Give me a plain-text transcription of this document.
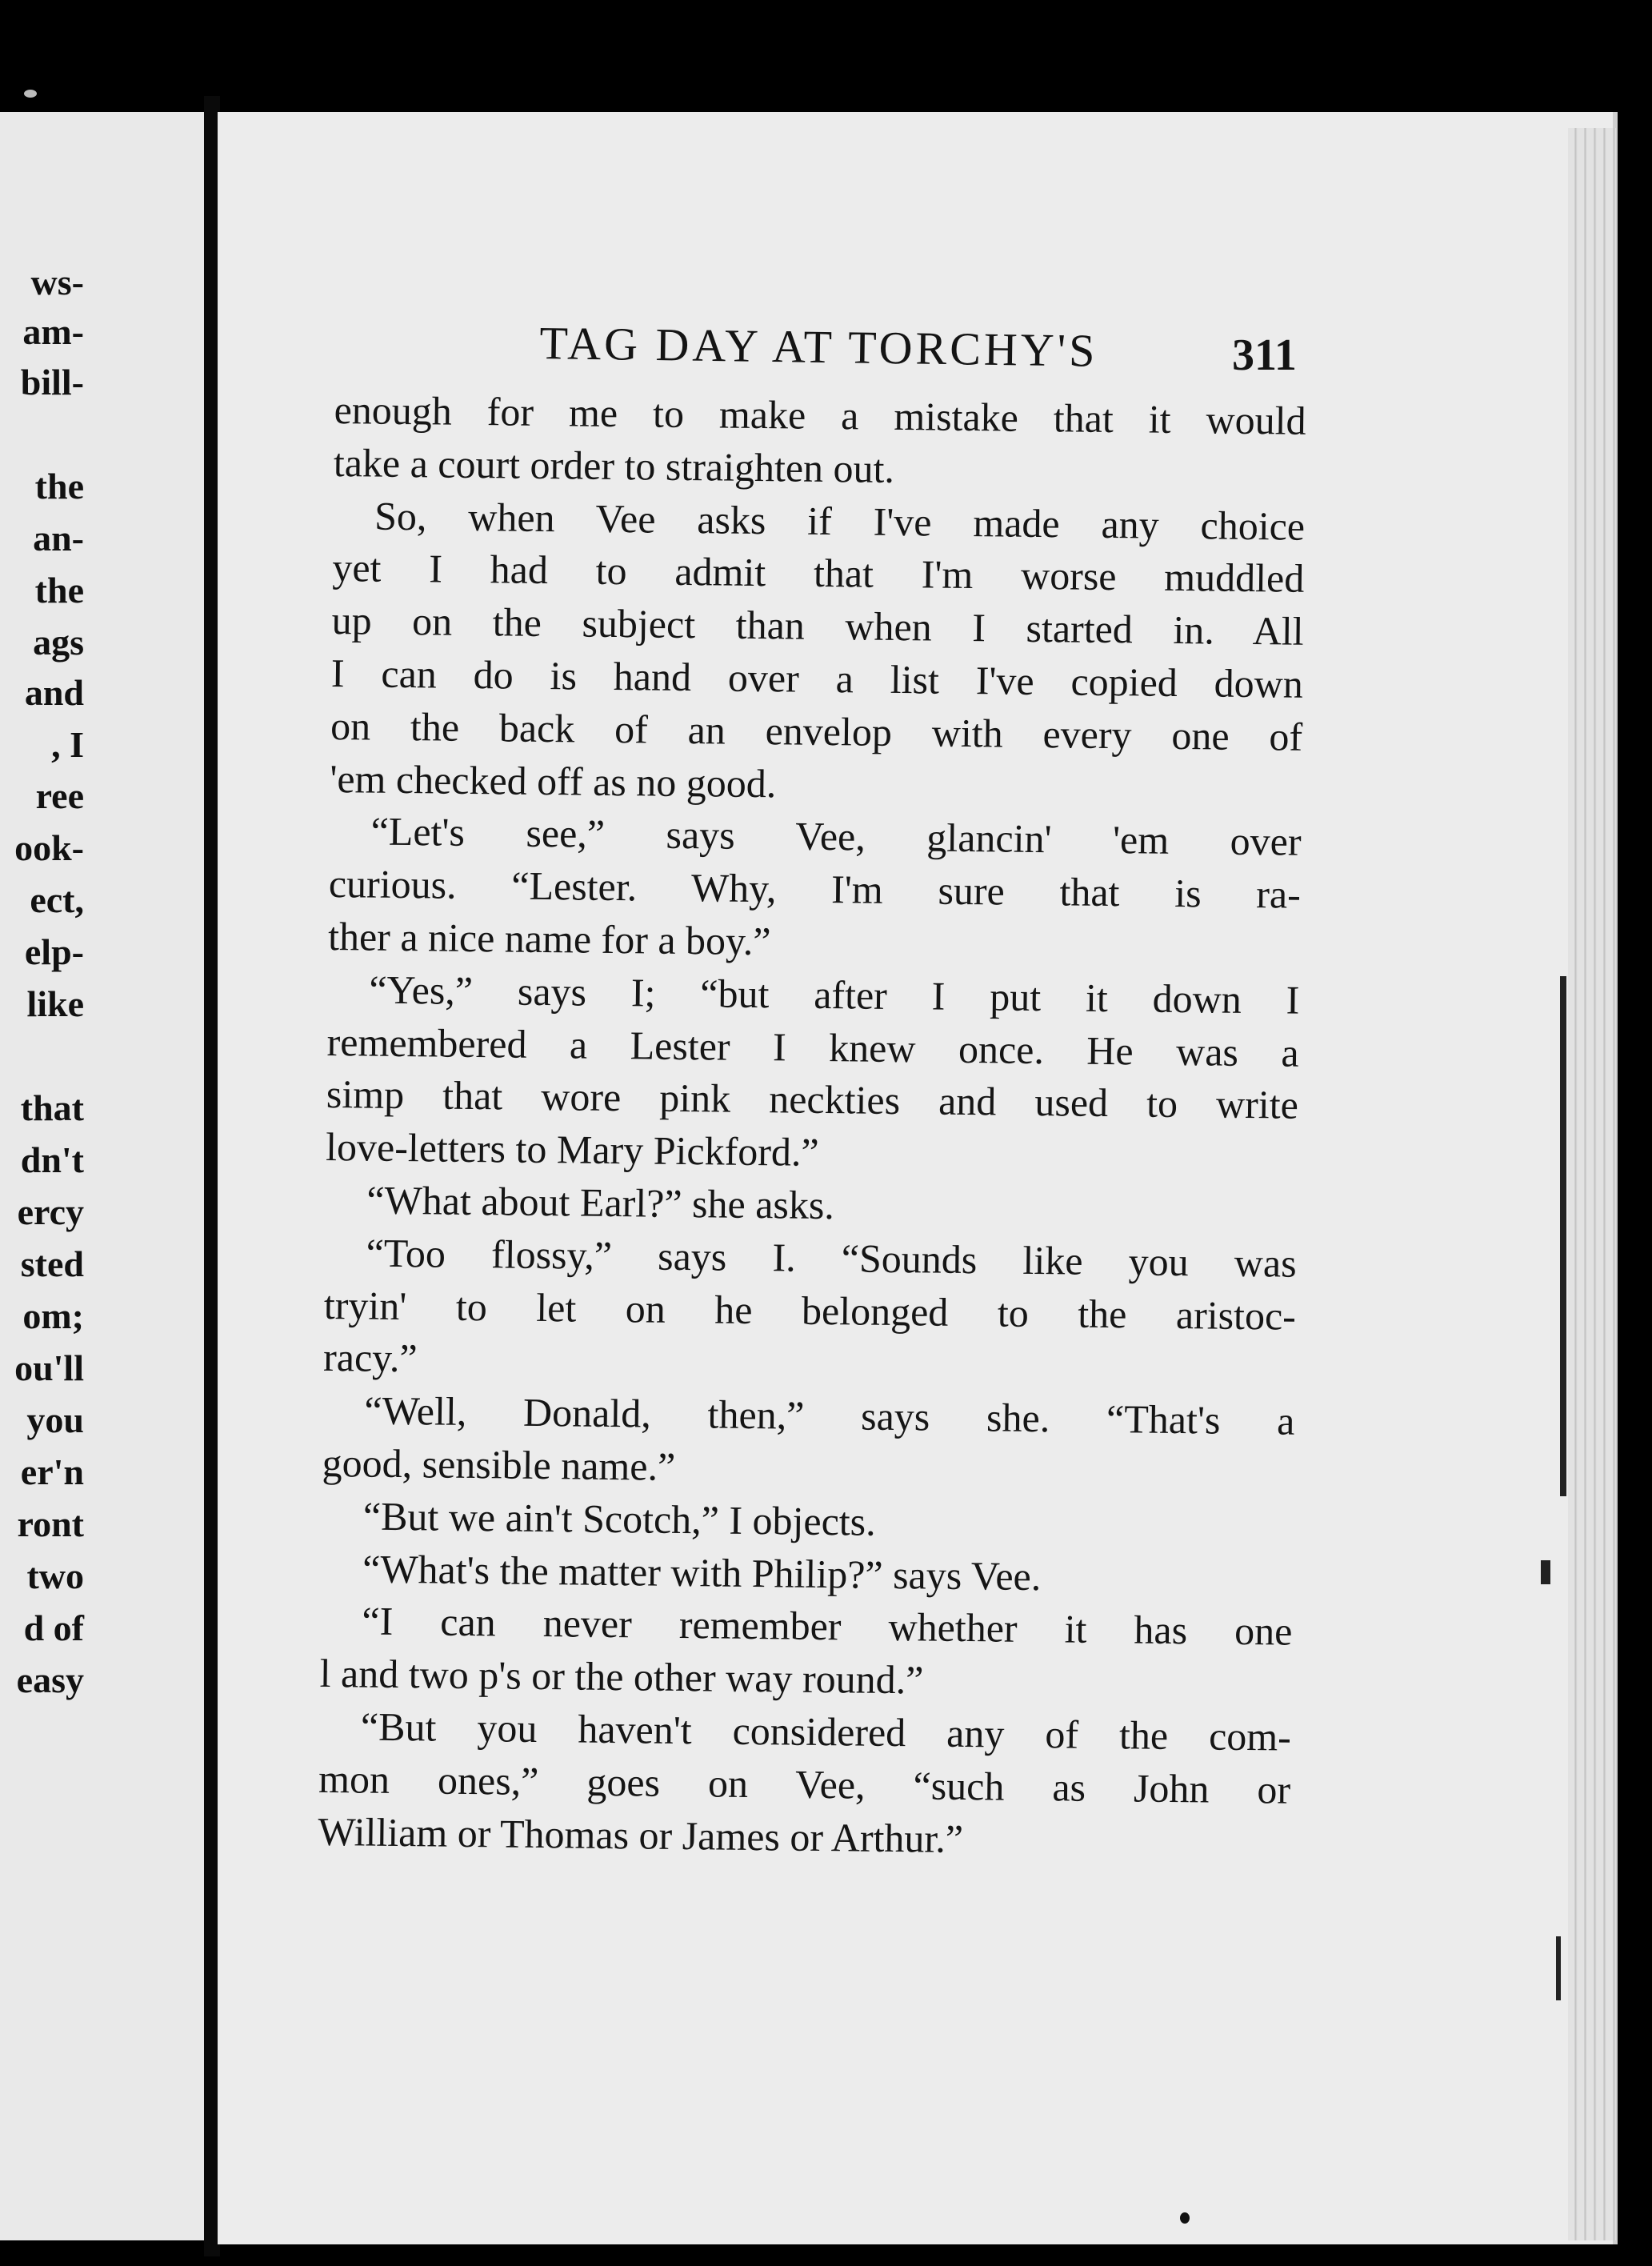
ws-
am-
bill-
the
an-
the
ags
and
, I
ree
ook-
ect,
elp-
like
that
dn't
ercy
sted
om;
ou'll
you
er'n
ront
two
d of
easy
TAG DAY AT TORCHY'S	311
enough for me to make a mistake that it would
take a court order to straighten out.
So, when Vee asks if I've made any choice
yet I had to admit that I'm worse muddled
up on the subject than when I started in. All
I can do is hand over a list I've copied down
on the back of an envelop with every one of
'em checked off as no good.
“Let's see,” says Vee, glancin' 'em over
curious. “Lester. Why, I'm sure that is ra-
ther a nice name for a boy.”
“Yes,” says I; “but after I put it down I
remembered a Lester I knew once. He was a
simp that wore pink neckties and used to write
love-letters to Mary Pickford.”
“What about Earl?” she asks.
“Too flossy,” says I. “Sounds like you was
tryin' to let on he belonged to the aristoc-
racy.”
“Well, Donald, then,” says she. “That's a
good, sensible name.”
“But we ain't Scotch,” I objects.
“What's the matter with Philip?” says Vee.
“I can never remember whether it has one
l and two p's or the other way round.”
“But you haven't considered any of the com-
mon ones,” goes on Vee, “such as John or
William or Thomas or James or Arthur.”
